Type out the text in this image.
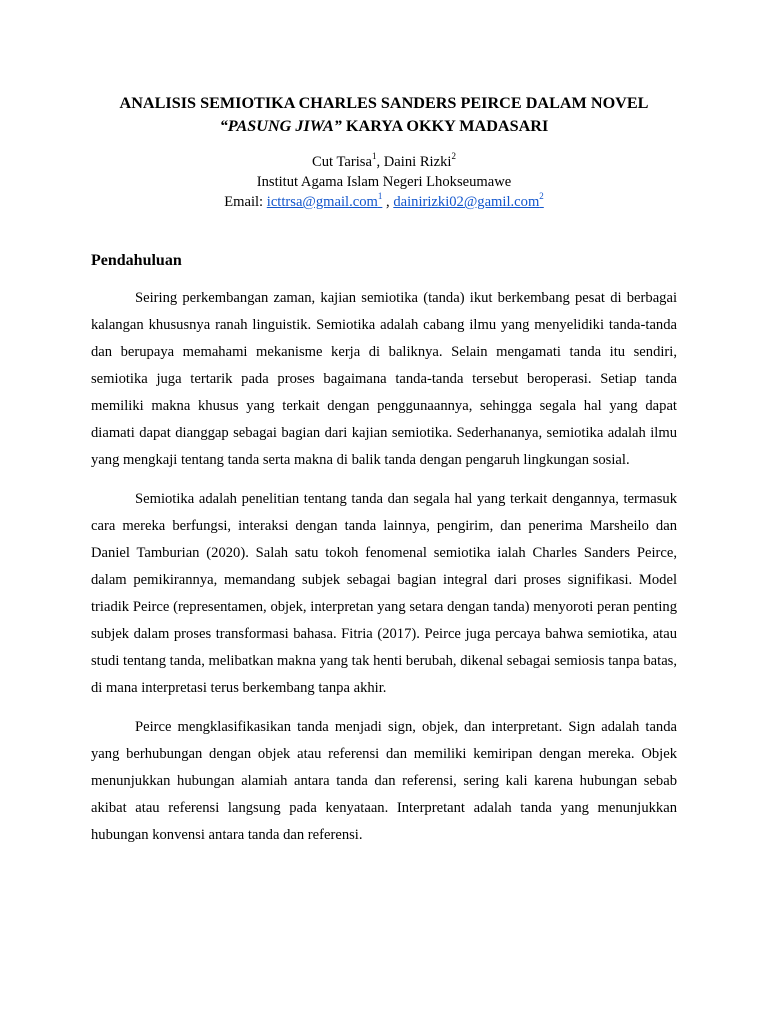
ANALISIS SEMIOTIKA CHARLES SANDERS PEIRCE DALAM NOVEL
“PASUNG JIWA” KARYA OKKY MADASARI
Cut Tarisa$^1$, Daini Rizki$^2$
Institut Agama Islam Negeri Lhokseumawe
Email: icttrsa@gmail.com$^1$ , dainirizki02@gamil.com$^2$
Pendahuluan

Seiring perkembangan zaman, kajian semiotika (tanda) ikut berkembang pesat di berbagai kalangan khususnya ranah linguistik. Semiotika adalah cabang ilmu yang menyelidiki tanda-tanda dan berupaya memahami mekanisme kerja di baliknya. Selain mengamati tanda itu sendiri, semiotika juga tertarik pada proses bagaimana tanda-tanda tersebut beroperasi. Setiap tanda memiliki makna khusus yang terkait dengan penggunaannya, sehingga segala hal yang dapat diamati dapat dianggap sebagai bagian dari kajian semiotika. Sederhananya, semiotika adalah ilmu yang mengkaji tentang tanda serta makna di balik tanda dengan pengaruh lingkungan sosial.

Semiotika adalah penelitian tentang tanda dan segala hal yang terkait dengannya, termasuk cara mereka berfungsi, interaksi dengan tanda lainnya, pengirim, dan penerima Marsheilo dan Daniel Tamburian (2020). Salah satu tokoh fenomenal semiotika ialah Charles Sanders Peirce, dalam pemikirannya, memandang subjek sebagai bagian integral dari proses signifikasi. Model triadik Peirce (representamen, objek, interpretan yang setara dengan tanda) menyoroti peran penting subjek dalam proses transformasi bahasa. Fitria (2017). Peirce juga percaya bahwa semiotika, atau studi tentang tanda, melibatkan makna yang tak henti berubah, dikenal sebagai semiosis tanpa batas, di mana interpretasi terus berkembang tanpa akhir.

Peirce mengklasifikasikan tanda menjadi sign, objek, dan interpretant. Sign adalah tanda yang berhubungan dengan objek atau referensi dan memiliki kemiripan dengan mereka. Objek menunjukkan hubungan alamiah antara tanda dan referensi, sering kali karena hubungan sebab akibat atau referensi langsung pada kenyataan. Interpretant adalah tanda yang menunjukkan hubungan konvensi antara tanda dan referensi.
